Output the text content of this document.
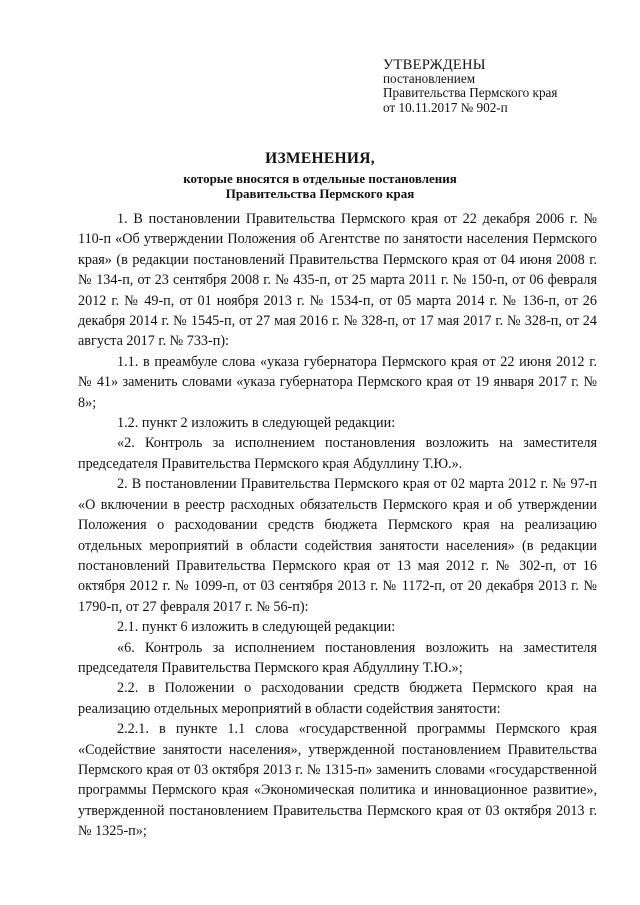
УТВЕРЖДЕНЫ
постановлением
Правительства Пермского края
от 10.11.2017 № 902-п
ИЗМЕНЕНИЯ,
которые вносятся в отдельные постановления
Правительства Пермского края

1. В постановлении Правительства Пермского края от 22 декабря 2006 г. № 110-п «Об утверждении Положения об Агентстве по занятости населения Пермского края» (в редакции постановлений Правительства Пермского края от 04 июня 2008 г. № 134-п, от 23 сентября 2008 г. № 435-п, от 25 марта 2011 г. № 150-п, от 06 февраля 2012 г. № 49-п, от 01 ноября 2013 г. № 1534-п, от 05 марта 2014 г. № 136-п, от 26 декабря 2014 г. № 1545-п, от 27 мая 2016 г. № 328-п, от 17 мая 2017 г. № 328-п, от 24 августа 2017 г. № 733-п):

1.1. в преамбуле слова «указа губернатора Пермского края от 22 июня 2012 г. № 41» заменить словами «указа губернатора Пермского края от 19 января 2017 г. № 8»;

1.2. пункт 2 изложить в следующей редакции:

«2. Контроль за исполнением постановления возложить на заместителя председателя Правительства Пермского края Абдуллину Т.Ю.».

2. В постановлении Правительства Пермского края от 02 марта 2012 г. № 97-п «О включении в реестр расходных обязательств Пермского края и об утверждении Положения о расходовании средств бюджета Пермского края на реализацию отдельных мероприятий в области содействия занятости населения» (в редакции постановлений Правительства Пермского края от 13 мая 2012 г. № 302-п, от 16 октября 2012 г. № 1099-п, от 03 сентября 2013 г. № 1172-п, от 20 декабря 2013 г. № 1790-п, от 27 февраля 2017 г. № 56-п):

2.1. пункт 6 изложить в следующей редакции:

«6. Контроль за исполнением постановления возложить на заместителя председателя Правительства Пермского края Абдуллину Т.Ю.»;

2.2. в Положении о расходовании средств бюджета Пермского края на реализацию отдельных мероприятий в области содействия занятости:

2.2.1. в пункте 1.1 слова «государственной программы Пермского края «Содействие занятости населения», утвержденной постановлением Правительства Пермского края от 03 октября 2013 г. № 1315-п» заменить словами «государственной программы Пермского края «Экономическая политика и инновационное развитие», утвержденной постановлением Правительства Пермского края от 03 октября 2013 г. № 1325-п»;
